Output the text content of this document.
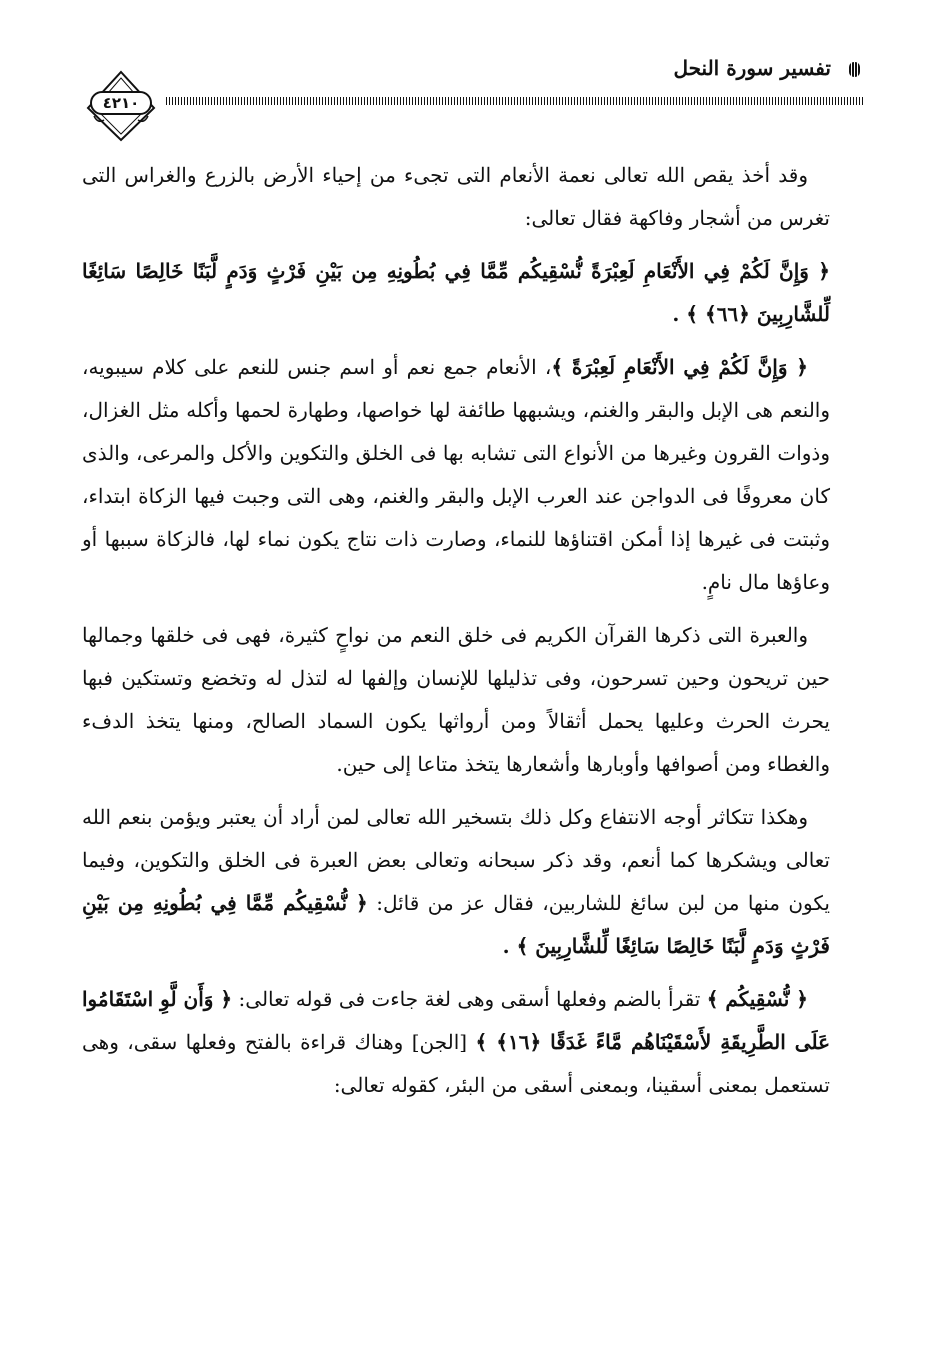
٤٢١٠
تفسير سورة النحل

وقد أخذ يقص الله تعالى نعمة الأنعام التى تجىء من إحياء الأرض بالزرع والغراس التى تغرس من أشجار وفاكهة فقال تعالى:

﴿ وَإِنَّ لَكُمْ فِي الأَنْعَامِ لَعِبْرَةً نُّسْقِيكُم مِّمَّا فِي بُطُونِهِ مِن بَيْنِ فَرْثٍ وَدَمٍ لَّبَنًا خَالِصًا سَائِغًا لِّلشَّارِبِينَ ﴿٦٦﴾ ﴾ .

﴿ وَإِنَّ لَكُمْ فِي الأَنْعَامِ لَعِبْرَةً ﴾، الأنعام جمع نعم أو اسم جنس للنعم على كلام سيبويه، والنعم هى الإبل والبقر والغنم، ويشبهها طائفة لها خواصها، وطهارة لحمها وأكله مثل الغزال، وذوات القرون وغيرها من الأنواع التى تشابه بها فى الخلق والتكوين والأكل والمرعى، والذى كان معروفًا فى الدواجن عند العرب الإبل والبقر والغنم، وهى التى وجبت فيها الزكاة ابتداء، وثبتت فى غيرها إذا أمكن اقتناؤها للنماء، وصارت ذات نتاج يكون نماء لها، فالزكاة سببها أو وعاؤها مال نامٍ.

والعبرة التى ذكرها القرآن الكريم فى خلق النعم من نواحٍ كثيرة، فهى فى خلقها وجمالها حين تريحون وحين تسرحون، وفى تذليلها للإنسان وإلفها له لتذل له وتخضع وتستكين فبها يحرث الحرث وعليها يحمل أثقالاً ومن أرواثها يكون السماد الصالح، ومنها يتخذ الدفء والغطاء ومن أصوافها وأوبارها وأشعارها يتخذ متاعا إلى حين.

وهكذا تتكاثر أوجه الانتفاع وكل ذلك بتسخير الله تعالى لمن أراد أن يعتبر ويؤمن بنعم الله تعالى ويشكرها كما أنعم، وقد ذكر سبحانه وتعالى بعض العبرة فى الخلق والتكوين، وفيما يكون منها من لبن سائغ للشاربين، فقال عز من قائل: ﴿ نُّسْقِيكُم مِّمَّا فِي بُطُونِهِ مِن بَيْنِ فَرْثٍ وَدَمٍ لَّبَنًا خَالِصًا سَائِغًا لِّلشَّارِبِينَ ﴾ .

﴿ نُّسْقِيكُم ﴾ تقرأ بالضم وفعلها أسقى وهى لغة جاءت فى قوله تعالى: ﴿ وَأَن لَّوِ اسْتَقَامُوا عَلَى الطَّرِيقَةِ لأَسْقَيْنَاهُم مَّاءً غَدَقًا ﴿١٦﴾ ﴾ [الجن] وهناك قراءة بالفتح وفعلها سقى، وهى تستعمل بمعنى أسقينا، وبمعنى أسقى من البئر، كقوله تعالى:
